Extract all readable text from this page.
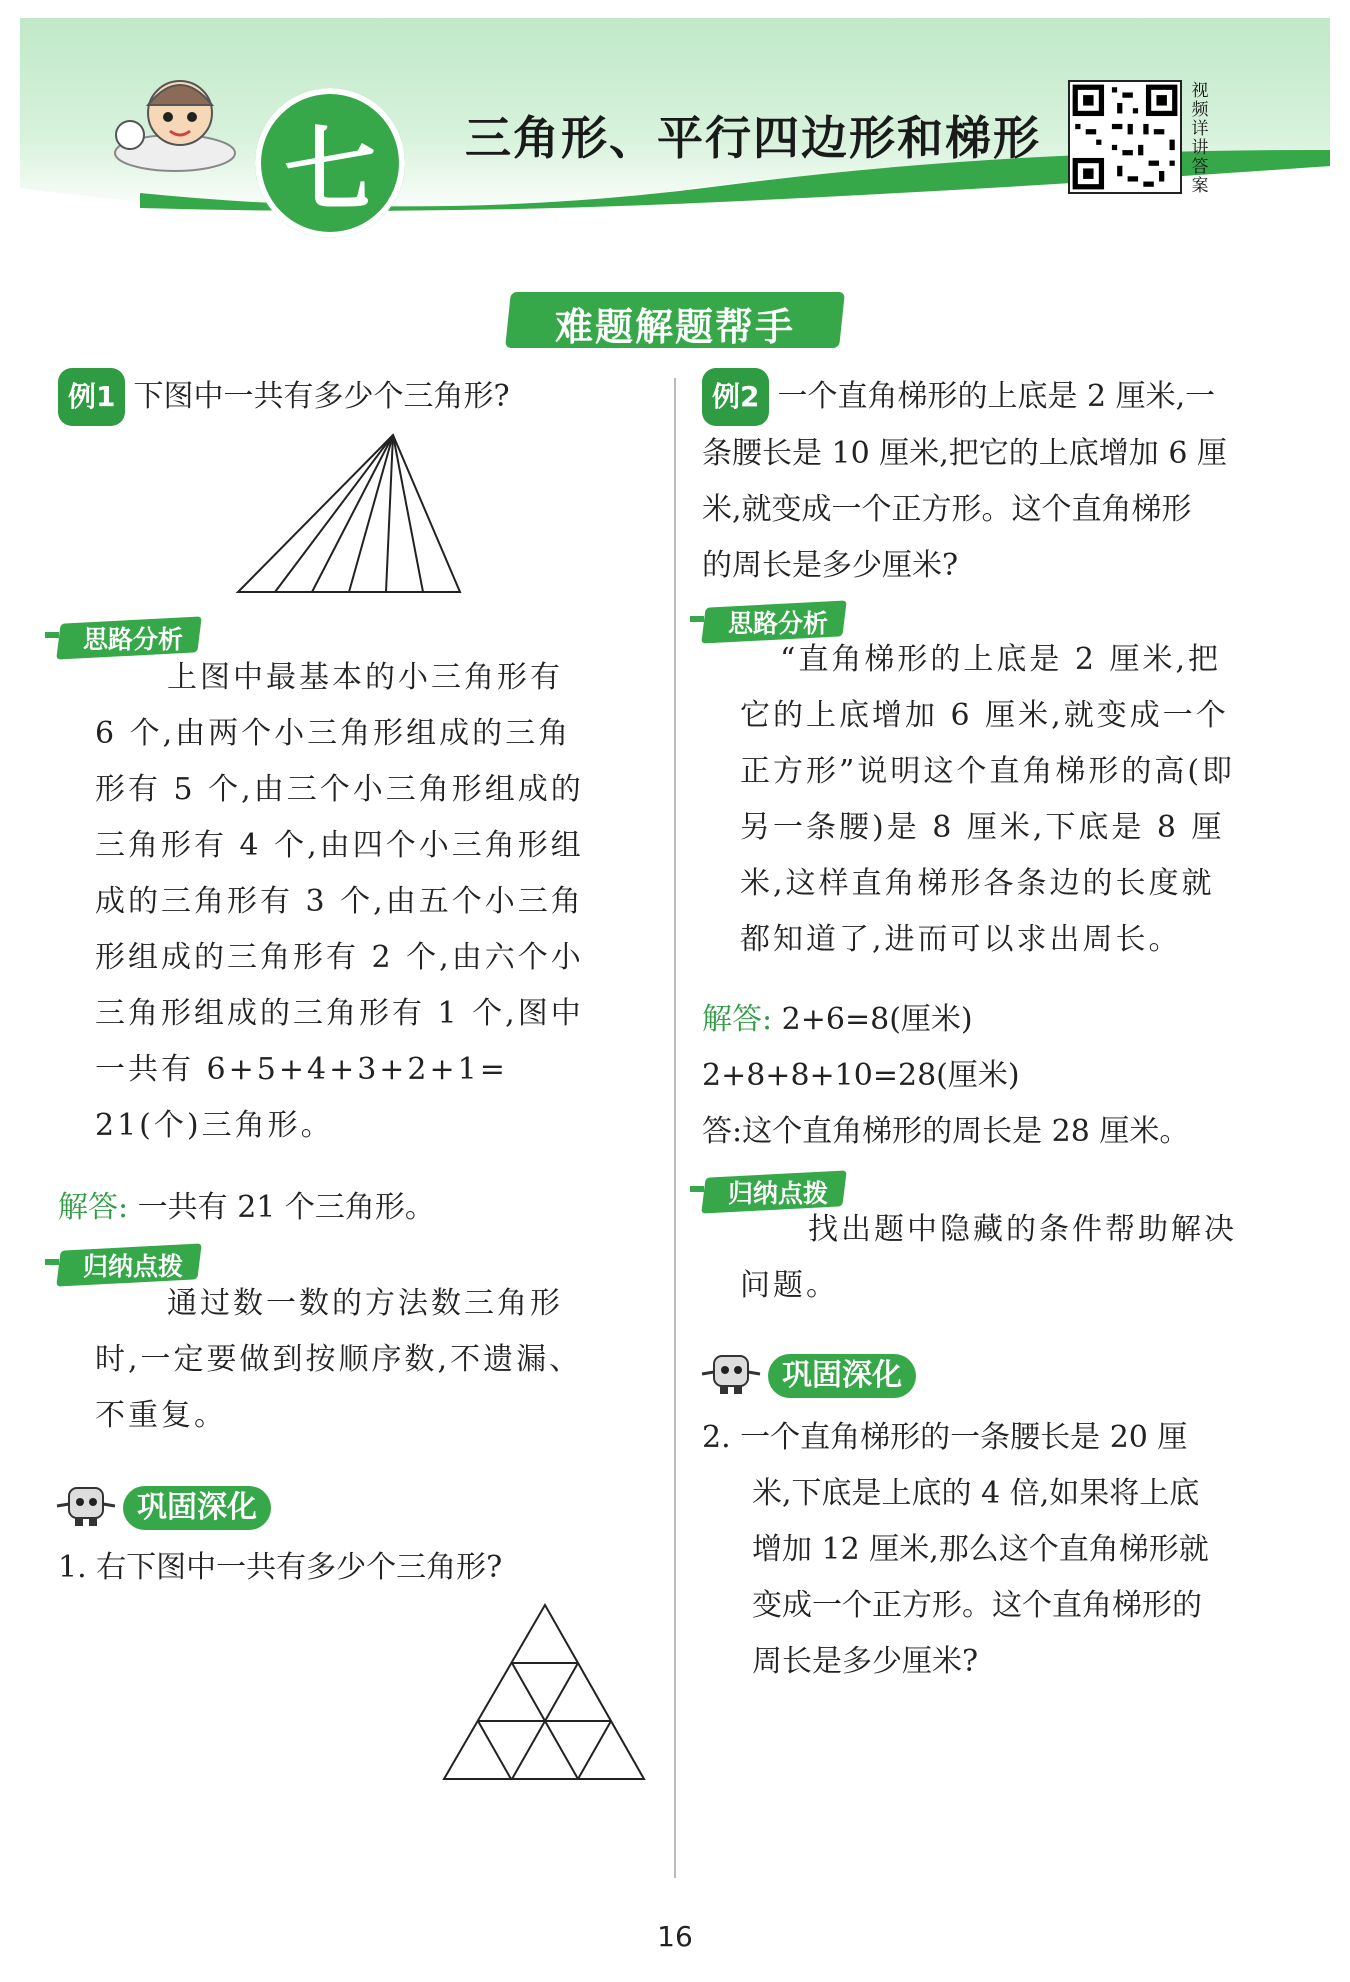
七 三角形、平行四边形和梯形
视频详讲答案
难题解题帮手
例1 下图中一共有多少个三角形?
思路分析
上图中最基本的小三角形有
6 个,由两个小三角形组成的三角
形有 5 个,由三个小三角形组成的
三角形有 4 个,由四个小三角形组
成的三角形有 3 个,由五个小三角
形组成的三角形有 2 个,由六个小
三角形组成的三角形有 1 个,图中
一共有 6+5+4+3+2+1=
21(个)三角形。
解答: 一共有 21 个三角形。
归纳点拨
通过数一数的方法数三角形
时,一定要做到按顺序数,不遗漏、
不重复。
巩固深化
1. 右下图中一共有多少个三角形?
例2 一个直角梯形的上底是 2 厘米,一
条腰长是 10 厘米,把它的上底增加 6 厘
米,就变成一个正方形。这个直角梯形
的周长是多少厘米?
思路分析
“直角梯形的上底是 2 厘米,把
它的上底增加 6 厘米,就变成一个
正方形”说明这个直角梯形的高(即
另一条腰)是 8 厘米,下底是 8 厘
米,这样直角梯形各条边的长度就
都知道了,进而可以求出周长。
解答: 2+6=8(厘米)
2+8+8+10=28(厘米)
答:这个直角梯形的周长是 28 厘米。
归纳点拨
找出题中隐藏的条件帮助解决
问题。
巩固深化
2. 一个直角梯形的一条腰长是 20 厘
米,下底是上底的 4 倍,如果将上底
增加 12 厘米,那么这个直角梯形就
变成一个正方形。这个直角梯形的
周长是多少厘米?
16
